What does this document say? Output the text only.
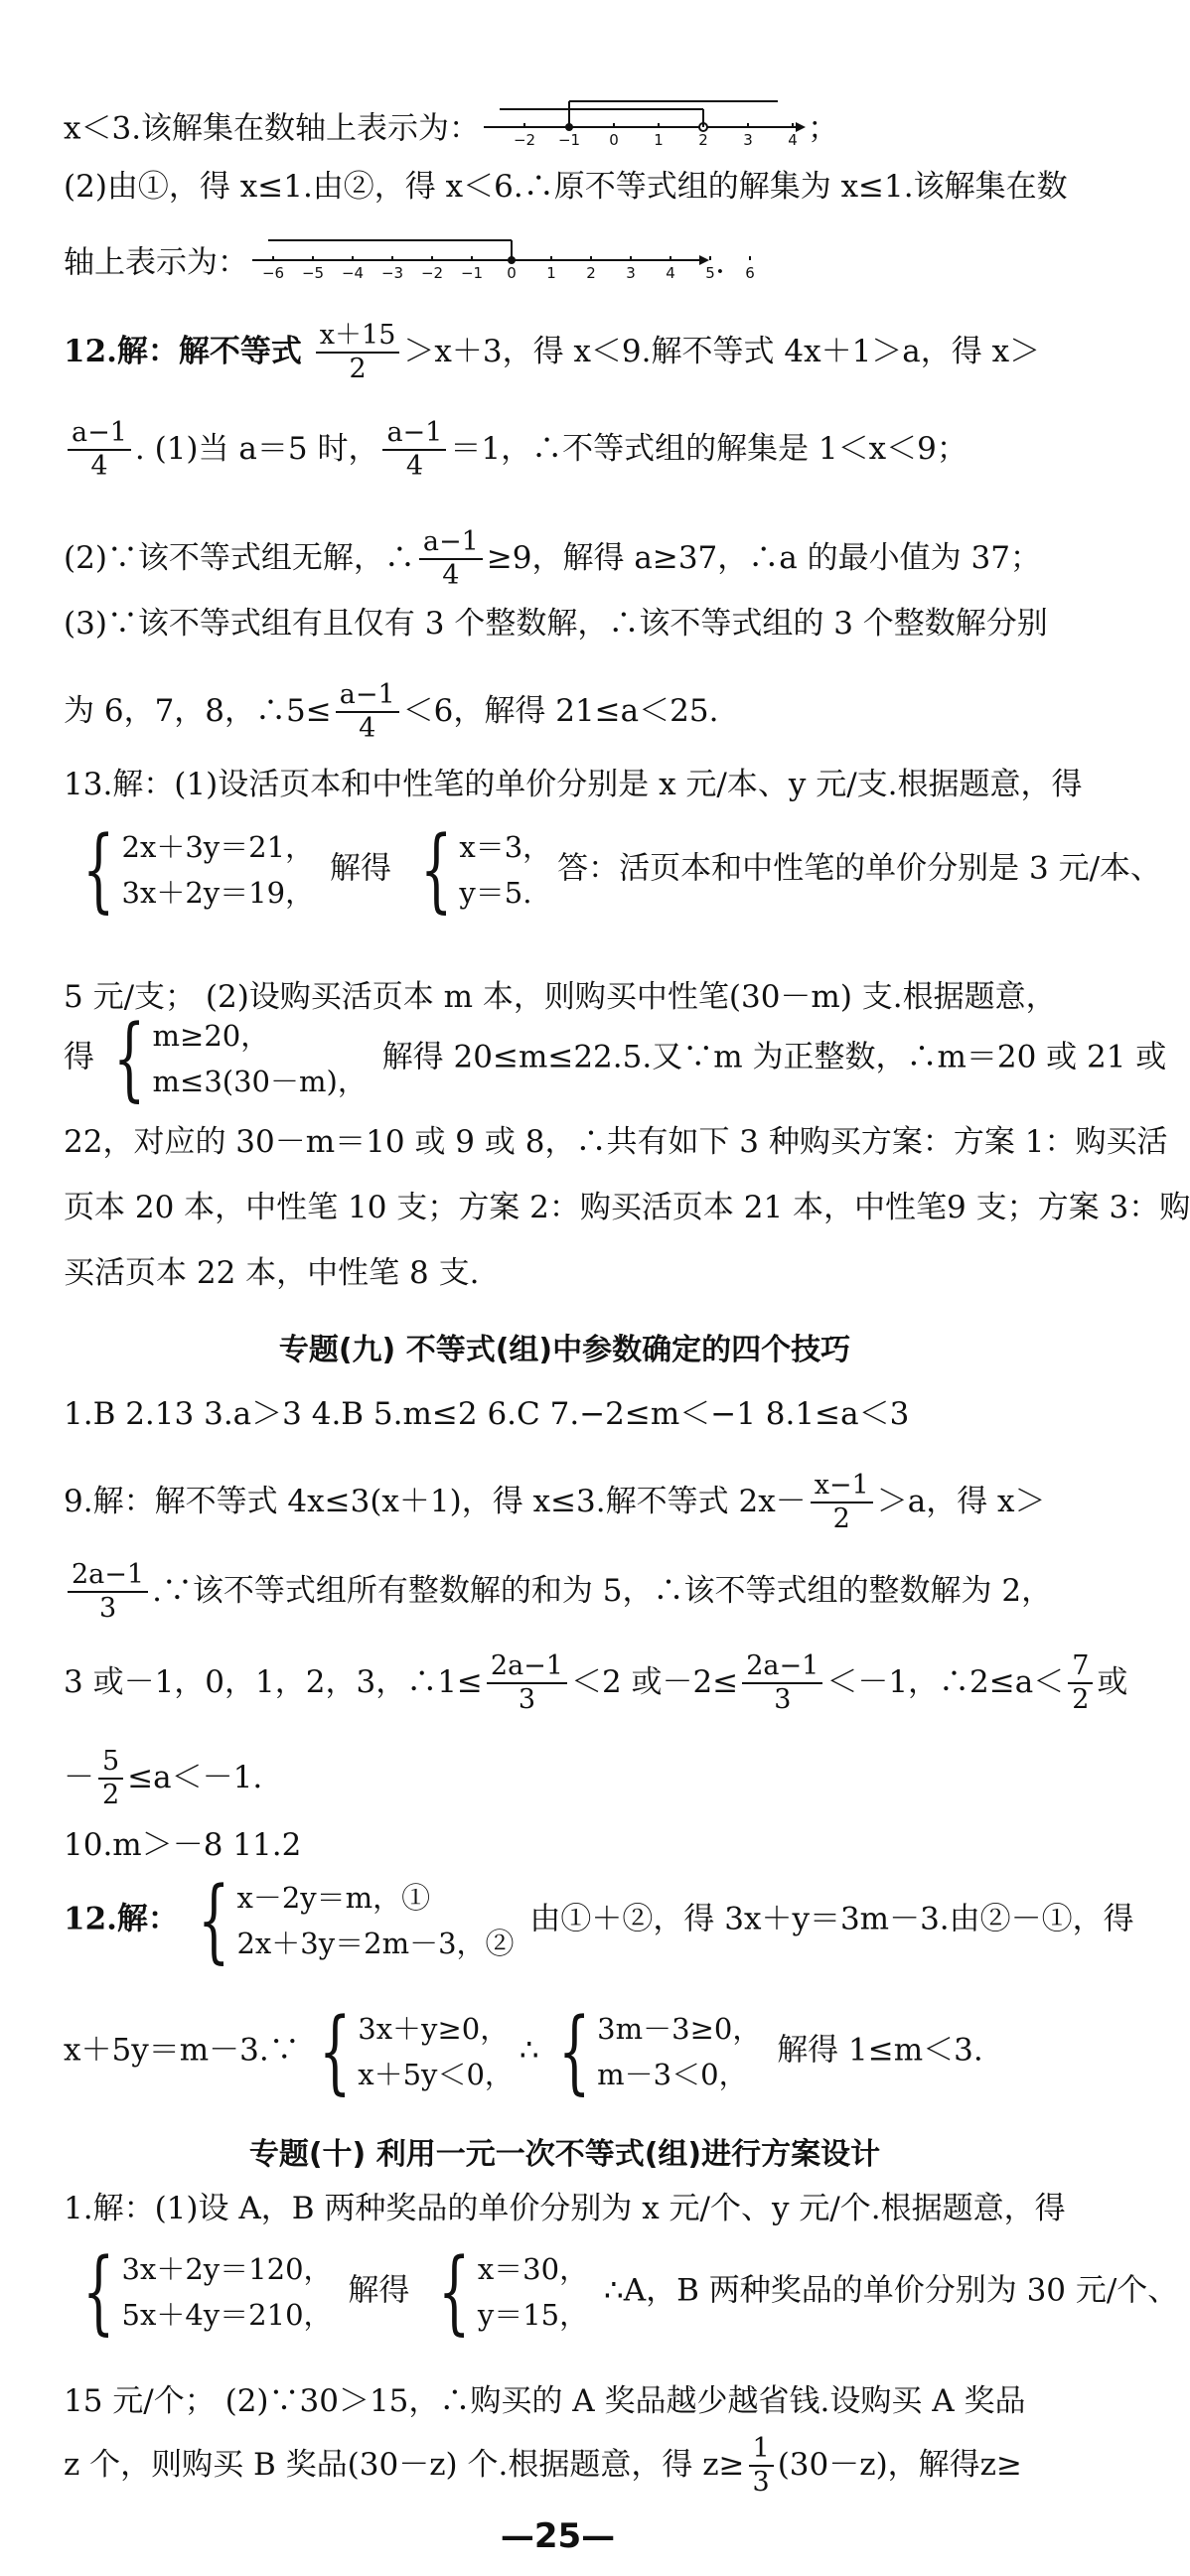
x＜3.该解集在数轴上表示为： −2 −1 0 1 2 3 4 ；
(2)由①，得 x≤1.由②，得 x＜6.∴原不等式组的解集为 x≤1.该解集在数
轴上表示为： −6 −5 −4 −3 −2 −1 0 1 2 3 4 5 6
.
12.解：解不等式 $\frac{x+15}{2} >x+3$，得 x＜9.解不等式 4x＋1＞a，得 x＞
$\frac{a-1}{4}$ . (1)当 a＝5 时， $\frac{a-1}{4} =1$，∴不等式组的解集是 1＜x＜9；
(2)∵该不等式组无解，∴ $\frac{a-1}{4} \ge 9$，解得 a≥37，∴a 的最小值为 37；
(3)∵该不等式组有且仅有 3 个整数解，∴该不等式组的 3 个整数解分别
为 6，7，8，∴5≤ $\frac{a-1}{4} <6$，解得 21≤a＜25.
13.解：(1)设活页本和中性笔的单价分别是 x 元/本、y 元/支.根据题意，得
{ 2x＋3y＝21，
3x＋2y＝19，
解得 { x＝3，
y＝5.
答：活页本和中性笔的单价分别是 3 元/本、
5 元/支； (2)设购买活页本 m 本，则购买中性笔(30－m) 支.根据题意，
得 { m≥20，
m≤3(30－m)，
解得 20≤m≤22.5.又∵m 为正整数，∴m＝20 或 21 或
22，对应的 30－m＝10 或 9 或 8，∴共有如下 3 种购买方案：方案 1：购买活
页本 20 本，中性笔 10 支；方案 2：购买活页本 21 本，中性笔9 支；方案 3：购
买活页本 22 本，中性笔 8 支.
专题(九) 不等式(组)中参数确定的四个技巧
1.B 2.13 3.a＞3 4.B 5.m≤2 6.C 7.−2≤m＜−1 8.1≤a＜3
9.解：解不等式 4x≤3(x＋1)，得 x≤3.解不等式 $2x- \frac{x-1}{2} >a$，得 x＞
$\frac{2a-1}{3}$ .∵该不等式组所有整数解的和为 5，∴该不等式组的整数解为 2，
3 或－1，0，1，2，3，∴1≤ $\frac{2a-1}{3} <2$ 或$-2\le \frac{2a-1}{3} <-1$，∴2≤a＜ $\frac{7}{2}$ 或
－ $\frac{5}{2} \le a<-1$.
10.m＞－8 11.2
12.解： { x－2y＝m，①
2x＋3y＝2m－3，②
由①＋②，得 3x＋y＝3m－3.由②－①，得
x＋5y＝m－3.∵ { 3x＋y≥0，
x＋5y＜0，
∴ { 3m－3≥0，
m－3＜0，
解得 1≤m＜3.
专题(十) 利用一元一次不等式(组)进行方案设计
1.解：(1)设 A，B 两种奖品的单价分别为 x 元/个、y 元/个.根据题意，得
{ 3x＋2y＝120，
5x＋4y＝210，
解得 { x＝30，
y＝15，
∴A，B 两种奖品的单价分别为 30 元/个、
15 元/个； (2)∵30＞15，∴购买的 A 奖品越少越省钱.设购买 A 奖品
z 个，则购买 B 奖品(30－z) 个.根据题意，得 $z\ge \frac{1}{3} (30-z)$，解得z≥
—25—
